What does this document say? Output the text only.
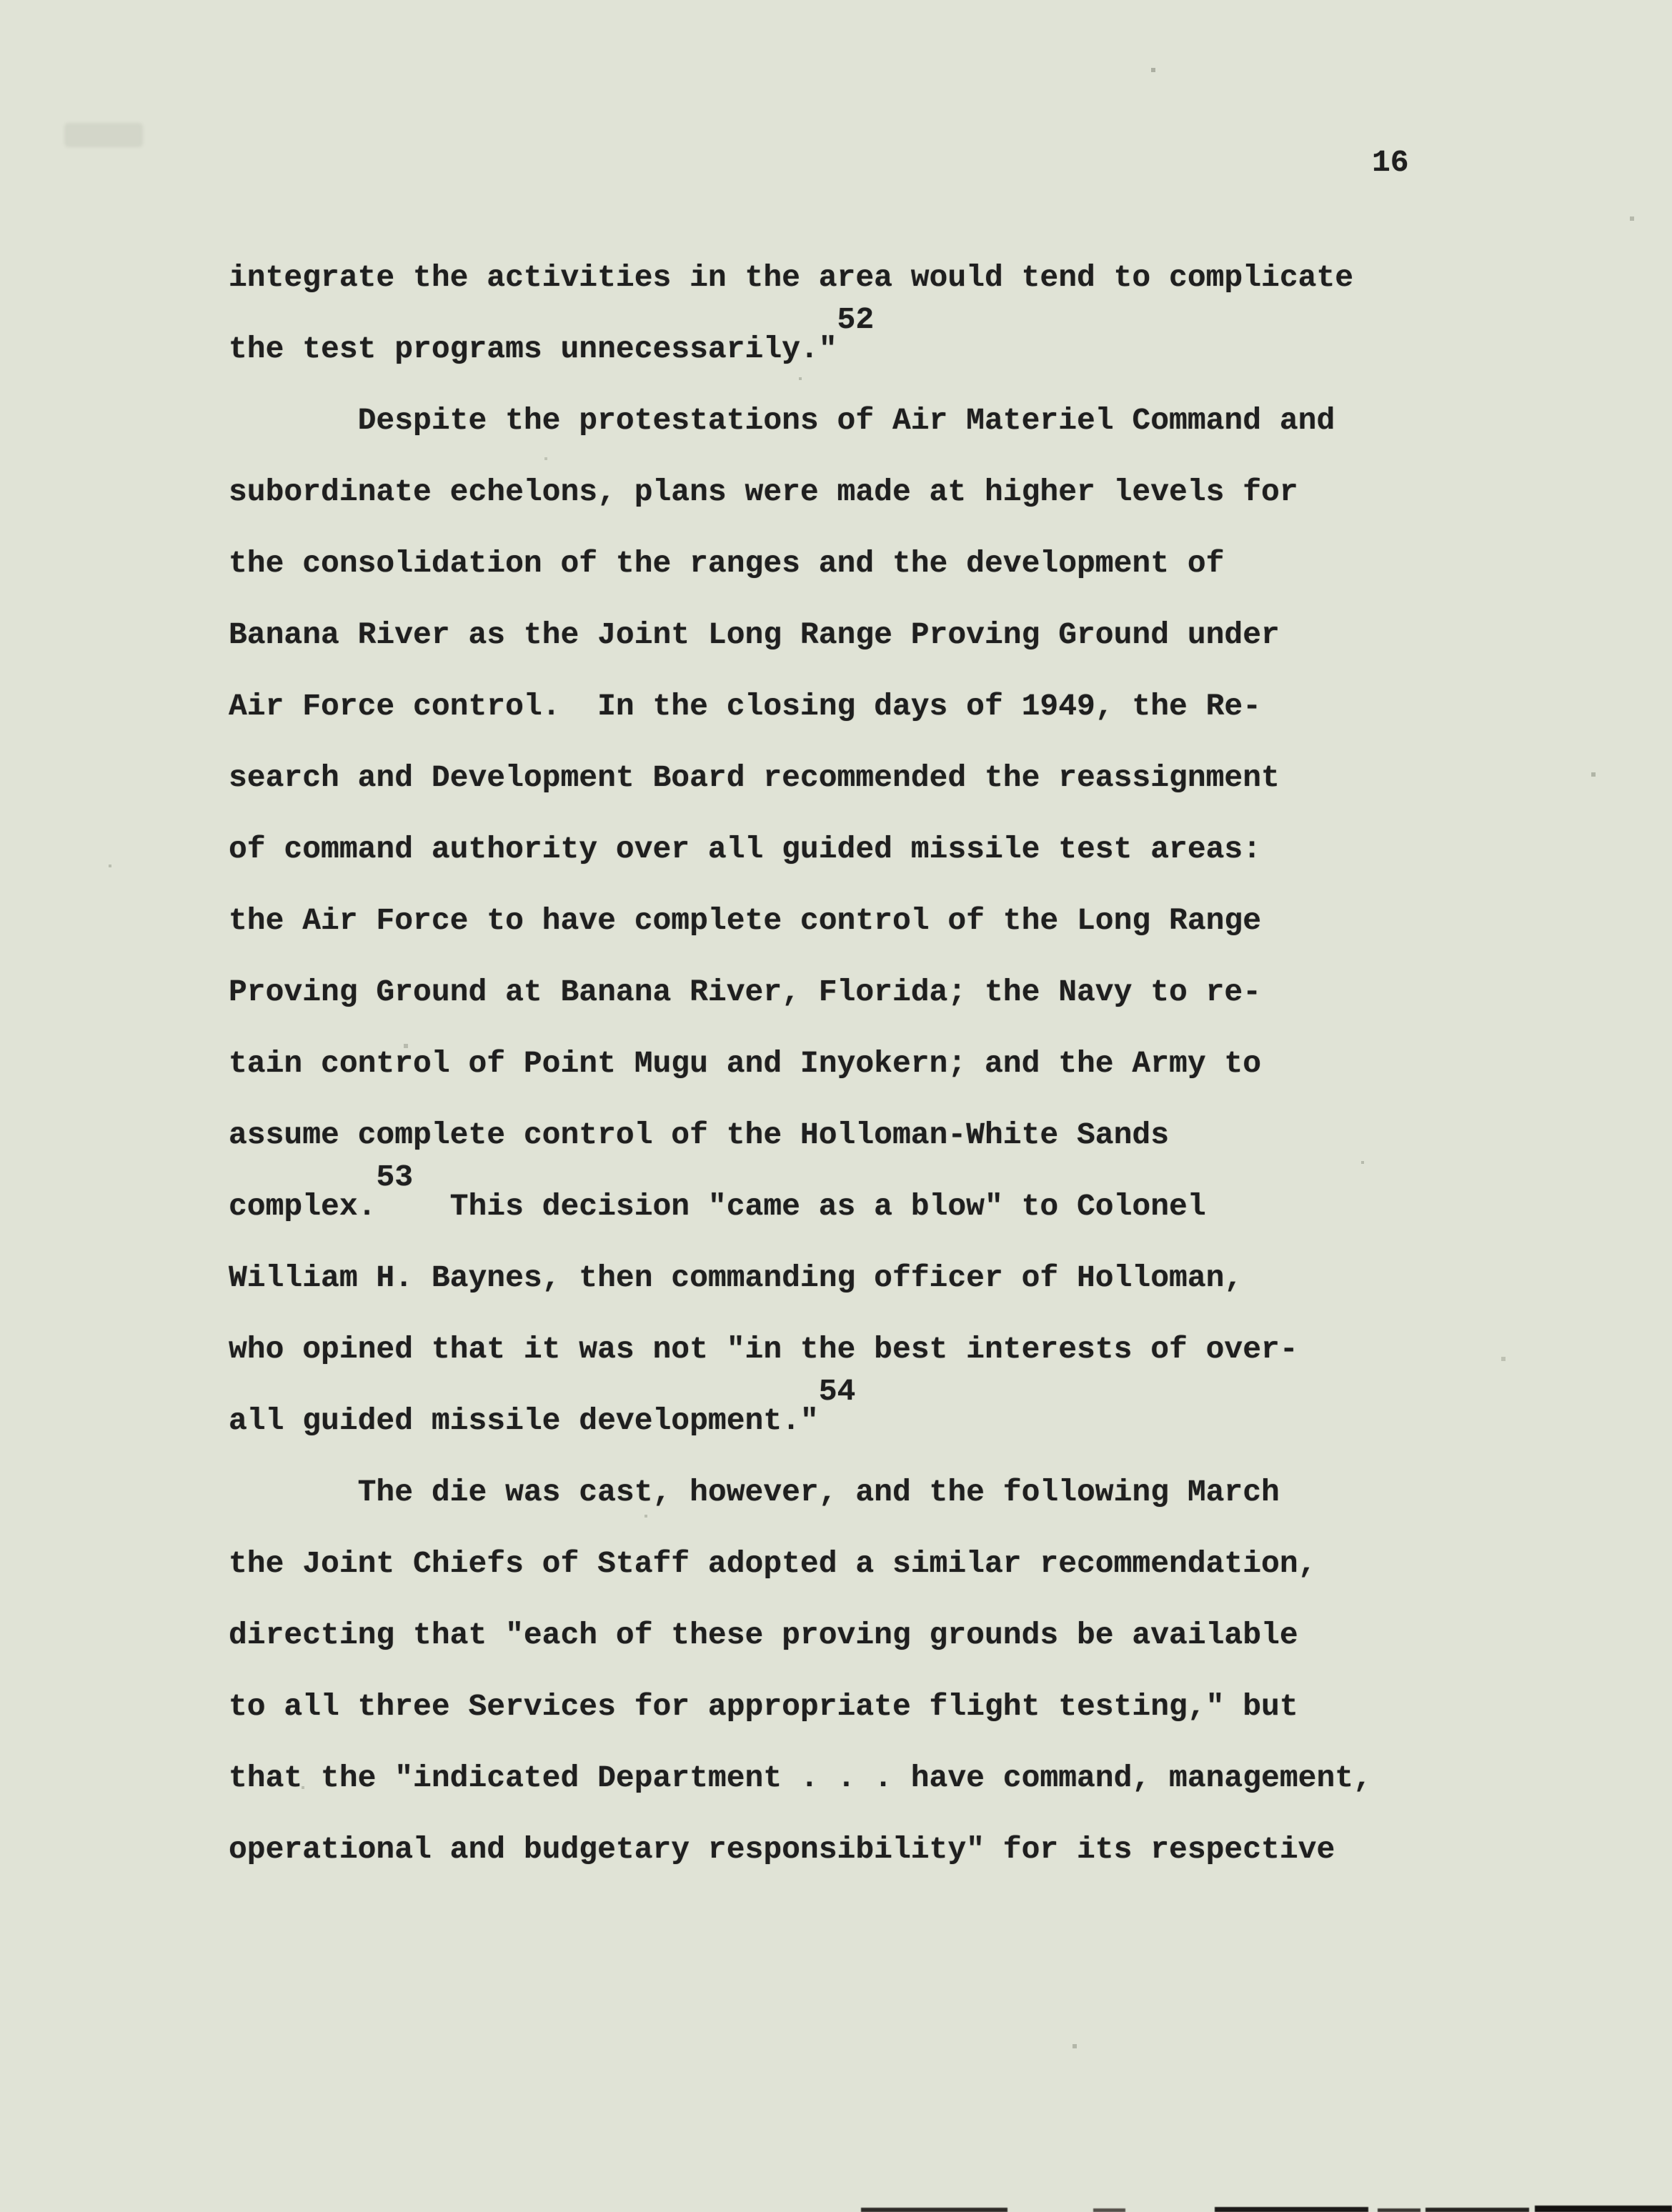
16
integrate the activities in the area would tend to complicate
the test programs unnecessarily."52
Despite the protestations of Air Materiel Command and
subordinate echelons, plans were made at higher levels for
the consolidation of the ranges and the development of
Banana River as the Joint Long Range Proving Ground under
Air Force control.  In the closing days of 1949, the Re-
search and Development Board recommended the reassignment
of command authority over all guided missile test areas:
the Air Force to have complete control of the Long Range
Proving Ground at Banana River, Florida; the Navy to re-
tain control of Point Mugu and Inyokern; and the Army to
assume complete control of the Holloman-White Sands
complex.53  This decision "came as a blow" to Colonel
William H. Baynes, then commanding officer of Holloman,
who opined that it was not "in the best interests of over-
all guided missile development."54
The die was cast, however, and the following March
the Joint Chiefs of Staff adopted a similar recommendation,
directing that "each of these proving grounds be available
to all three Services for appropriate flight testing," but
that the "indicated Department . . . have command, management,
operational and budgetary responsibility" for its respective
